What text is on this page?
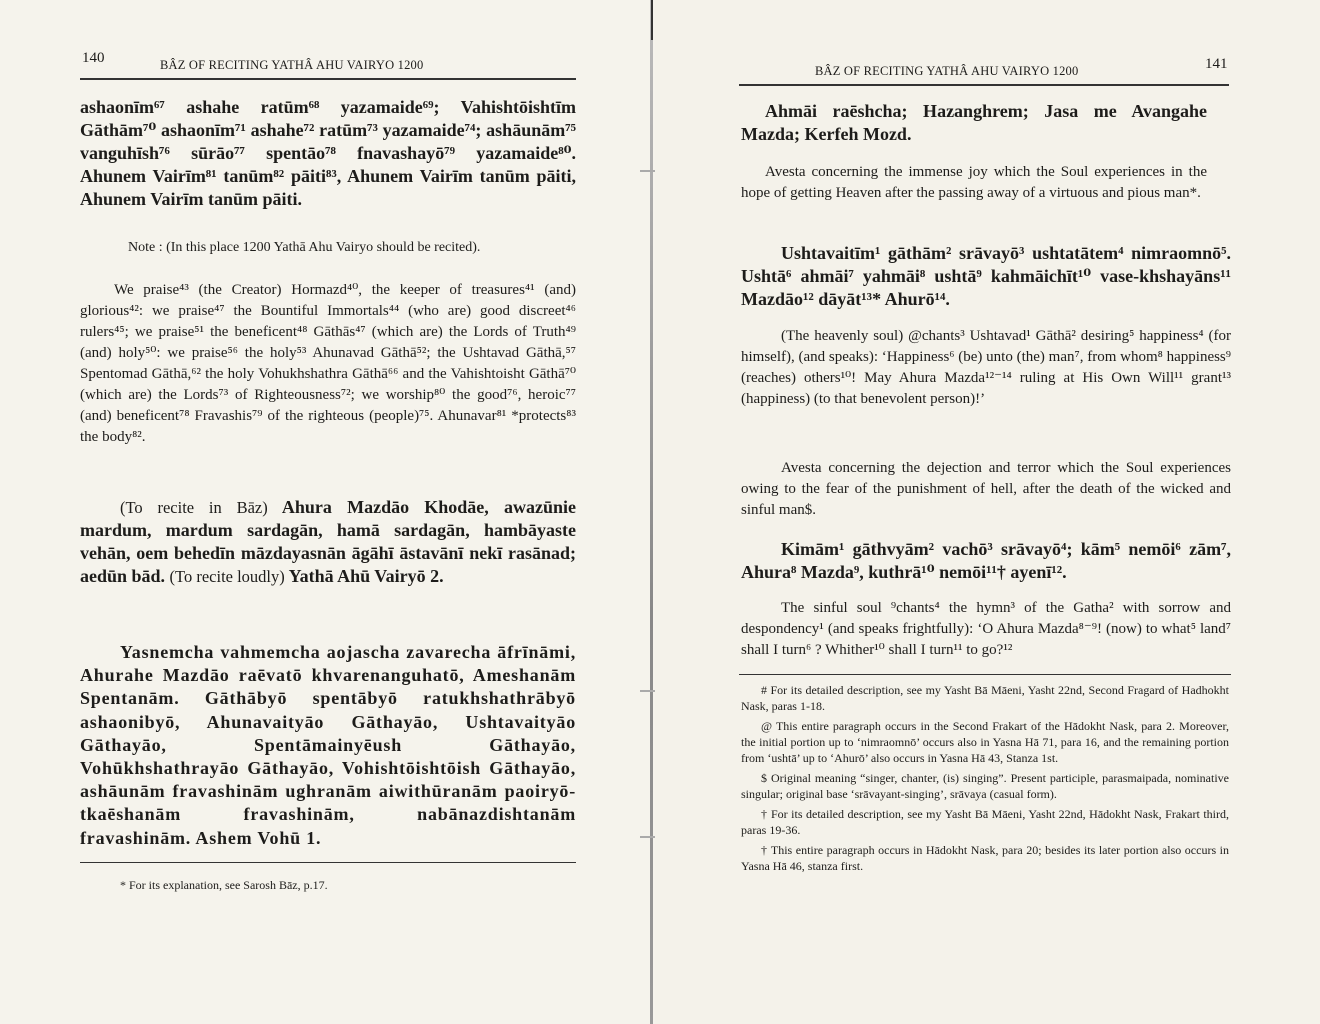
140	BÂZ OF RECITING YATHÂ AHU VAIRYO 1200
ashaonīm⁶⁷ ashahe ratūm⁶⁸ yazamaide⁶⁹; Vahishtōishtīm Gāthām⁷⁰ ashaonīm⁷¹ ashahe⁷² ratūm⁷³ yazamaide⁷⁴; ashāunām⁷⁵ vanguhīsh⁷⁶ sūrāo⁷⁷ spentāo⁷⁸ fnavashayō⁷⁹ yazamaide⁸⁰. Ahunem Vairīm⁸¹ tanūm⁸² pāiti⁸³, Ahunem Vairīm tanūm pāiti, Ahunem Vairīm tanūm pāiti.
Note : (In this place 1200 Yathā Ahu Vairyo should be recited).
We praise⁴³ (the Creator) Hormazd⁴⁰, the keeper of treasures⁴¹ (and) glorious⁴²: we praise⁴⁷ the Bountiful Immortals⁴⁴ (who are) good discreet⁴⁶ rulers⁴⁵; we praise⁵¹ the beneficent⁴⁸ Gāthās⁴⁷ (which are) the Lords of Truth⁴⁹ (and) holy⁵⁰: we praise⁵⁶ the holy⁵³ Ahunavad Gāthā⁵²; the Ushtavad Gāthā,⁵⁷ Spentomad Gāthā,⁶² the holy Vohukhshathra Gāthā⁶⁶ and the Vahishtoisht Gāthā⁷⁰ (which are) the Lords⁷³ of Righteousness⁷²; we worship⁸⁰ the good⁷⁶, heroic⁷⁷ (and) beneficent⁷⁸ Fravashis⁷⁹ of the righteous (people)⁷⁵. Ahunavar⁸¹ *protects⁸³ the body⁸².
(To recite in Bāz) Ahura Mazdāo Khodāe, awazūnie mardum, mardum sardagān, hamā sardagān, hambāyaste vehān, oem behedīn māzdayasnān āgāhī āstavānī nekī rasānad; aedūn bād. (To recite loudly) Yathā Ahū Vairyō 2.
Yasnemcha vahmemcha aojascha zavarecha āfrīnāmi, Ahurahe Mazdāo raēvatō khvarenanguhatō, Ameshanām Spentanām. Gāthābyō spentābyō ratukhshathrābyō ashaonibyō, Ahunavaityāo Gāthayāo, Ushtavaityāo Gāthayāo, Spentāmainyēush Gāthayāo, Vohūkhshathrayāo Gāthayāo, Vohishtōishtōish Gāthayāo, ashāunām fravashinām ughranām aiwithūranām paoiryō-tkaēshanām fravashinām, nabānazdishtanām fravashinām. Ashem Vohū 1.
* For its explanation, see Sarosh Bāz, p.17.
BÂZ OF RECITING YATHÂ AHU VAIRYO 1200	141
Ahmāi raēshcha; Hazanghrem; Jasa me Avangahe Mazda; Kerfeh Mozd.
Avesta concerning the immense joy which the Soul experiences in the hope of getting Heaven after the passing away of a virtuous and pious man*.
Ushtavaitīm¹ gāthām² srāvayō³ ushtatātem⁴ nimraomnō⁵. Ushtā⁶ ahmāi⁷ yahmāi⁸ ushtā⁹ kahmāichīt¹⁰ vase-khshayāns¹¹ Mazdāo¹² dāyāt¹³* Ahurō¹⁴.
(The heavenly soul) @chants³ Ushtavad¹ Gāthā² desiring⁵ happiness⁴ (for himself), (and speaks): ‘Happiness⁶ (be) unto (the) man⁷, from whom⁸ happiness⁹ (reaches) others¹⁰! May Ahura Mazda¹²⁻¹⁴ ruling at His Own Will¹¹ grant¹³ (happiness) (to that benevolent person)!’
Avesta concerning the dejection and terror which the Soul experiences owing to the fear of the punishment of hell, after the death of the wicked and sinful man$.
Kimām¹ gāthvyām² vachō³ srāvayō⁴; kām⁵ nemōi⁶ zām⁷, Ahura⁸ Mazda⁹, kuthrā¹⁰ nemōi¹¹† ayenī¹².
The sinful soul ⁹chants⁴ the hymn³ of the Gatha² with sorrow and despondency¹ (and speaks frightfully): ‘O Ahura Mazda⁸⁻⁹! (now) to what⁵ land⁷ shall I turn⁶ ? Whither¹⁰ shall I turn¹¹ to go?¹²

# For its detailed description, see my Yasht Bā Māeni, Yasht 22nd, Second Fragard of Hadhokht Nask, paras 1-18.

@ This entire paragraph occurs in the Second Frakart of the Hādokht Nask, para 2. Moreover, the initial portion up to ‘nimraomnō’ occurs also in Yasna Hā 71, para 16, and the remaining portion from ‘ushtā’ up to ‘Ahurō’ also occurs in Yasna Hā 43, Stanza 1st.

$ Original meaning “singer, chanter, (is) singing”. Present participle, parasmaipada, nominative singular; original base ‘srāvayant-singing’, srāvaya (casual form).

† For its detailed description, see my Yasht Bā Māeni, Yasht 22nd, Hādokht Nask, Frakart third, paras 19-36.

† This entire paragraph occurs in Hādokht Nask, para 20; besides its later portion also occurs in Yasna Hā 46, stanza first.
